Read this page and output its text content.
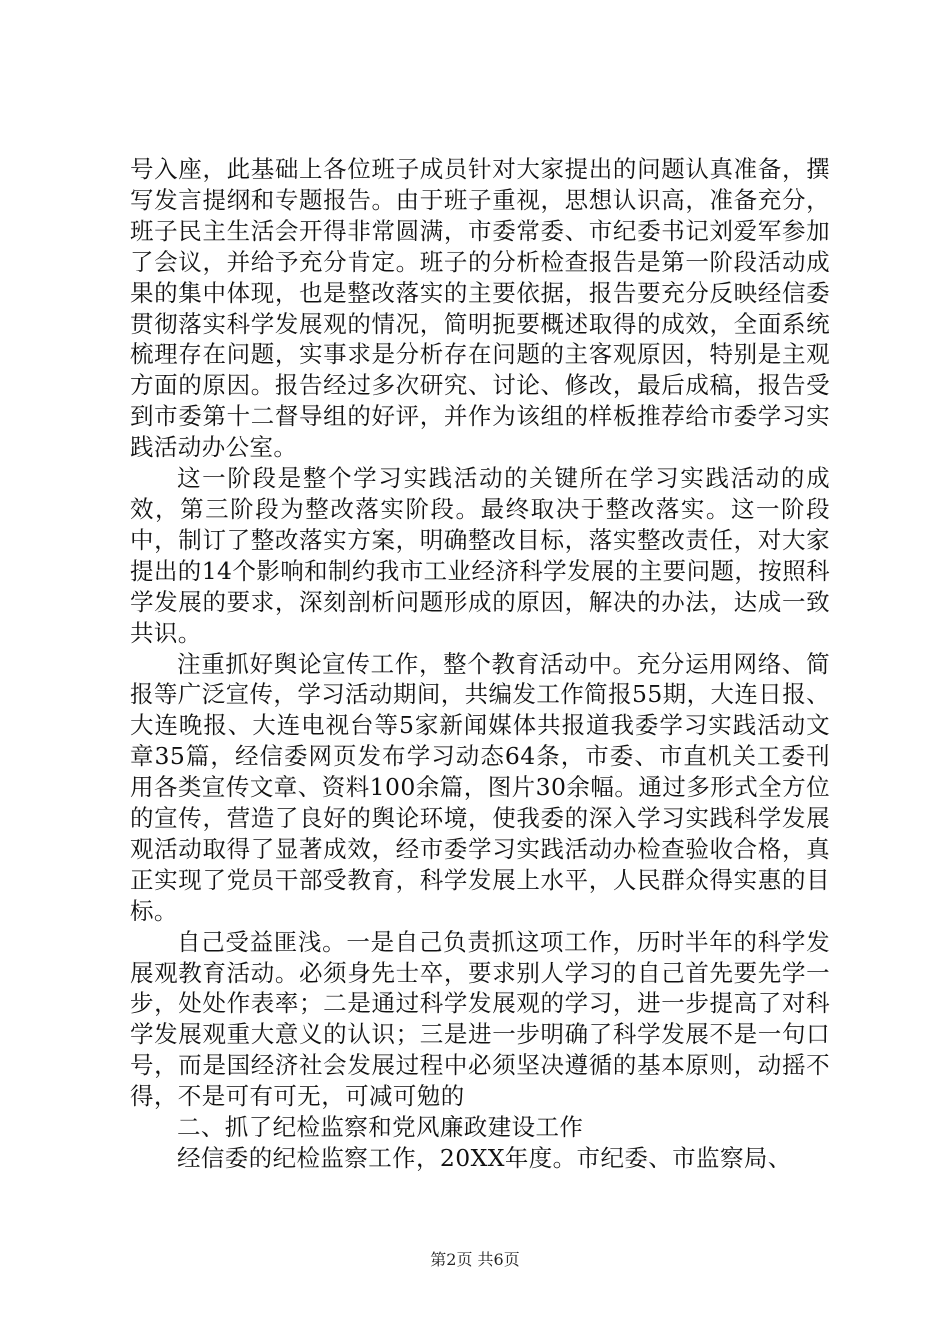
号入座，此基础上各位班子成员针对大家提出的问题认真准备，撰写发言提纲和专题报告。由于班子重视，思想认识高，准备充分，班子民主生活会开得非常圆满，市委常委、市纪委书记刘爱军参加了会议，并给予充分肯定。班子的分析检查报告是第一阶段活动成果的集中体现，也是整改落实的主要依据，报告要充分反映经信委贯彻落实科学发展观的情况，简明扼要概述取得的成效，全面系统梳理存在问题，实事求是分析存在问题的主客观原因，特别是主观方面的原因。报告经过多次研究、讨论、修改，最后成稿，报告受到市委第十二督导组的好评，并作为该组的样板推荐给市委学习实践活动办公室。

这一阶段是整个学习实践活动的关键所在学习实践活动的成效，第三阶段为整改落实阶段。最终取决于整改落实。这一阶段中，制订了整改落实方案，明确整改目标，落实整改责任，对大家提出的14个影响和制约我市工业经济科学发展的主要问题，按照科学发展的要求，深刻剖析问题形成的原因，解决的办法，达成一致共识。

注重抓好舆论宣传工作，整个教育活动中。充分运用网络、简报等广泛宣传，学习活动期间，共编发工作简报55期，大连日报、大连晚报、大连电视台等5家新闻媒体共报道我委学习实践活动文章35篇，经信委网页发布学习动态64条，市委、市直机关工委刊用各类宣传文章、资料100余篇，图片30余幅。通过多形式全方位的宣传，营造了良好的舆论环境，使我委的深入学习实践科学发展观活动取得了显著成效，经市委学习实践活动办检查验收合格，真正实现了党员干部受教育，科学发展上水平，人民群众得实惠的目标。

自己受益匪浅。一是自己负责抓这项工作，历时半年的科学发展观教育活动。必须身先士卒，要求别人学习的自己首先要先学一步，处处作表率；二是通过科学发展观的学习，进一步提高了对科学发展观重大意义的认识；三是进一步明确了科学发展不是一句口号，而是国经济社会发展过程中必须坚决遵循的基本原则，动摇不得，不是可有可无，可减可勉的

二、抓了纪检监察和党风廉政建设工作

经信委的纪检监察工作，20XX年度。市纪委、市监察局、

第2页 共6页
